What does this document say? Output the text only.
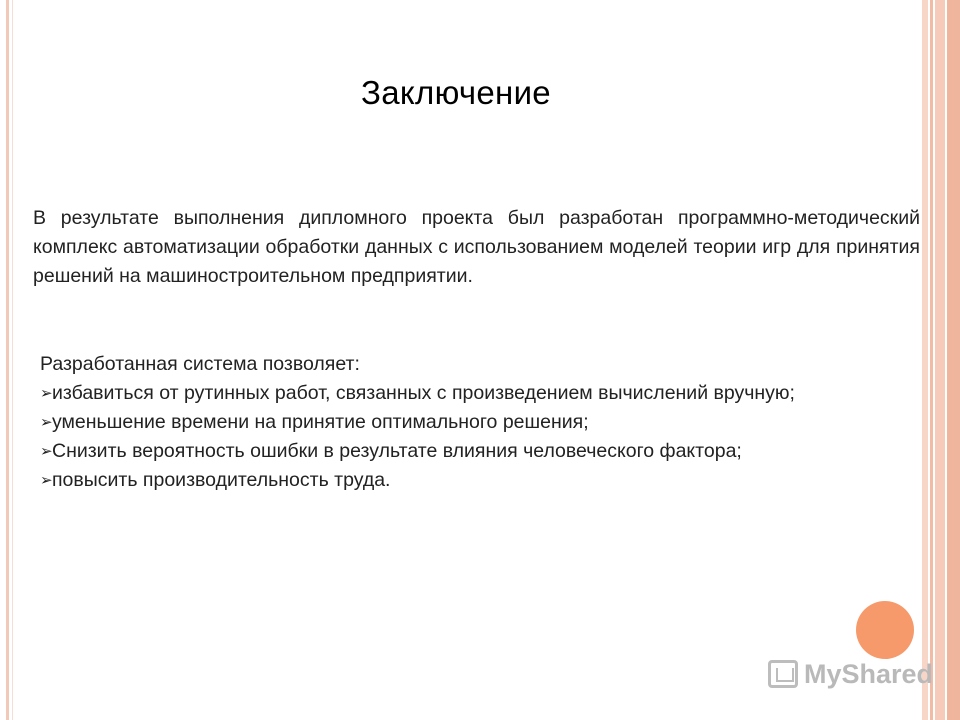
Заключение
В результате выполнения дипломного проекта был разработан программно-методический комплекс автоматизации обработки данных с использованием моделей теории игр для принятия решений на машиностроительном предприятии.

Разработанная система позволяет:

➢избавиться от рутинных работ, связанных с произведением вычислений вручную;
➢уменьшение времени на принятие оптимального решения;
➢Снизить вероятность ошибки в результате влияния человеческого фактора;
➢повысить производительность труда.
MyShared
